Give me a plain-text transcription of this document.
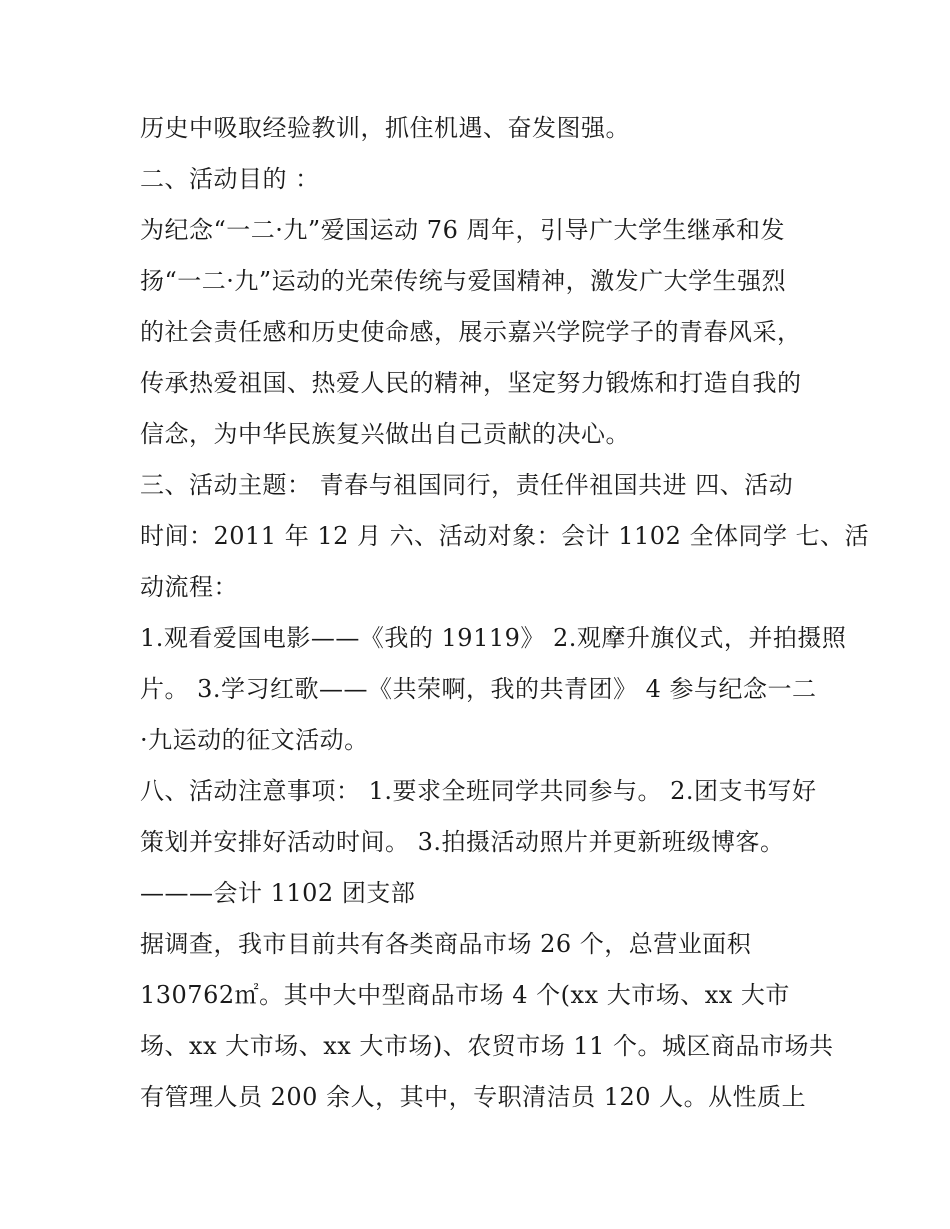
历史中吸取经验教训，抓住机遇、奋发图强。
二、活动目的 ：
为纪念“一二·九”爱国运动 76 周年，引导广大学生继承和发
扬“一二·九”运动的光荣传统与爱国精神，激发广大学生强烈
的社会责任感和历史使命感，展示嘉兴学院学子的青春风采，
传承热爱祖国、热爱人民的精神，坚定努力锻炼和打造自我的
信念，为中华民族复兴做出自己贡献的决心。
三、活动主题： 青春与祖国同行，责任伴祖国共进 四、活动
时间：2011 年 12 月 六、活动对象：会计 1102 全体同学 七、活
动流程：
1.观看爱国电影——《我的 19119》 2.观摩升旗仪式，并拍摄照
片。 3.学习红歌——《共荣啊，我的共青团》 4 参与纪念一二
·九运动的征文活动。
八、活动注意事项： 1.要求全班同学共同参与。 2.团支书写好
策划并安排好活动时间。 3.拍摄活动照片并更新班级博客。
———会计 1102 团支部
据调查，我市目前共有各类商品市场 26 个，总营业面积
130762㎡。其中大中型商品市场 4 个(xx 大市场、xx 大市
场、xx 大市场、xx 大市场)、农贸市场 11 个。城区商品市场共
有管理人员 200 余人，其中，专职清洁员 120 人。从性质上
